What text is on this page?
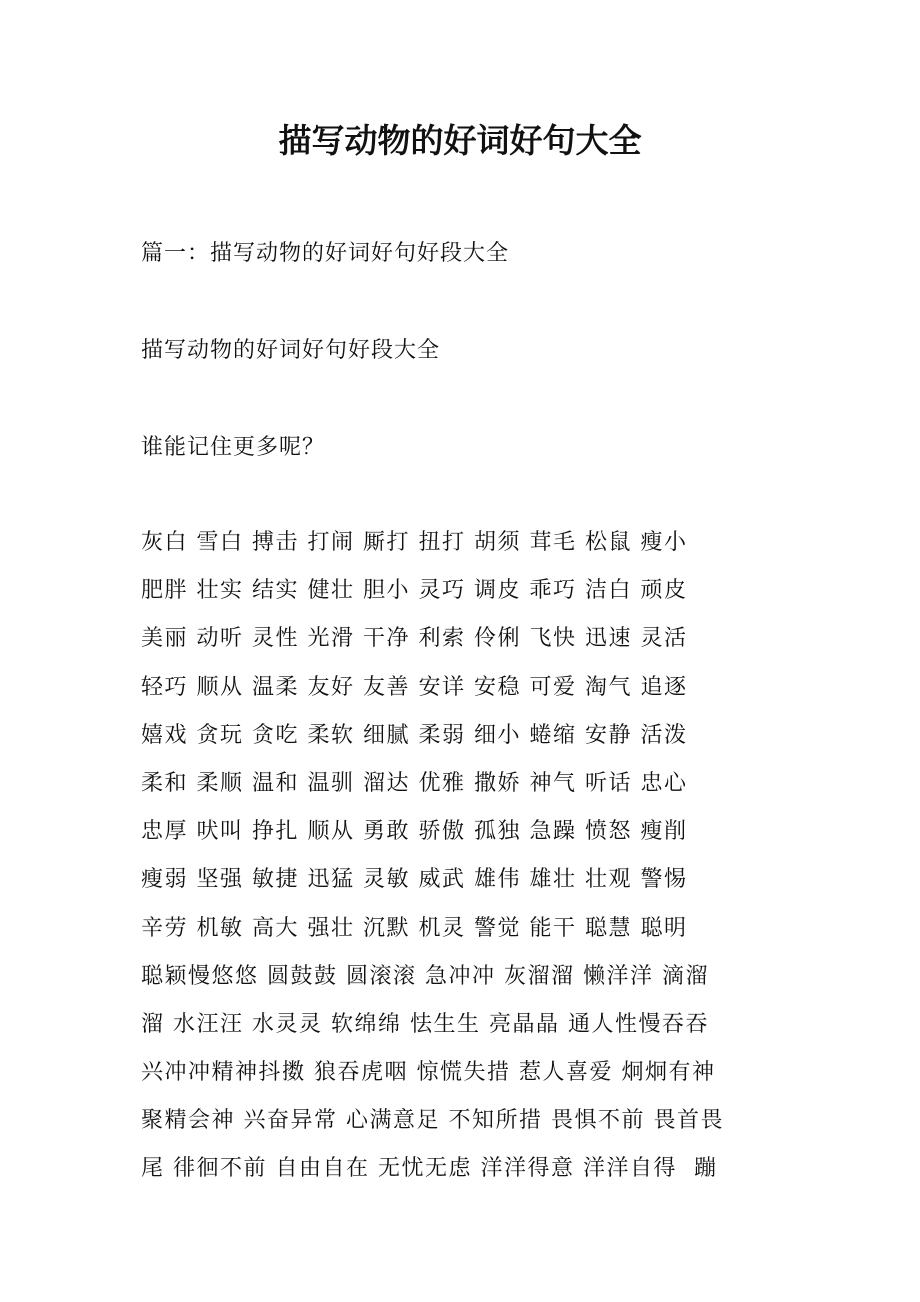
描写动物的好词好句大全

篇一：描写动物的好词好句好段大全

描写动物的好词好句好段大全

谁能记住更多呢？

灰白 雪白 搏击 打闹 厮打 扭打 胡须 茸毛 松鼠 瘦小

肥胖 壮实 结实 健壮 胆小 灵巧 调皮 乖巧 洁白 顽皮

美丽 动听 灵性 光滑 干净 利索 伶俐 飞快 迅速 灵活

轻巧 顺从 温柔 友好 友善 安详 安稳 可爱 淘气 追逐

嬉戏 贪玩 贪吃 柔软 细腻 柔弱 细小 蜷缩 安静 活泼

柔和 柔顺 温和 温驯 溜达 优雅 撒娇 神气 听话 忠心

忠厚 吠叫 挣扎 顺从 勇敢 骄傲 孤独 急躁 愤怒 瘦削

瘦弱 坚强 敏捷 迅猛 灵敏 威武 雄伟 雄壮 壮观 警惕

辛劳 机敏 高大 强壮 沉默 机灵 警觉 能干 聪慧 聪明

聪颖慢悠悠 圆鼓鼓 圆滚滚 急冲冲 灰溜溜 懒洋洋 滴溜

溜 水汪汪 水灵灵 软绵绵 怯生生 亮晶晶 通人性慢吞吞

兴冲冲精神抖擞 狼吞虎咽 惊慌失措 惹人喜爱 炯炯有神

聚精会神 兴奋异常 心满意足 不知所措 畏惧不前 畏首畏

尾 徘徊不前 自由自在 无忧无虑 洋洋得意 洋洋自得  蹦
